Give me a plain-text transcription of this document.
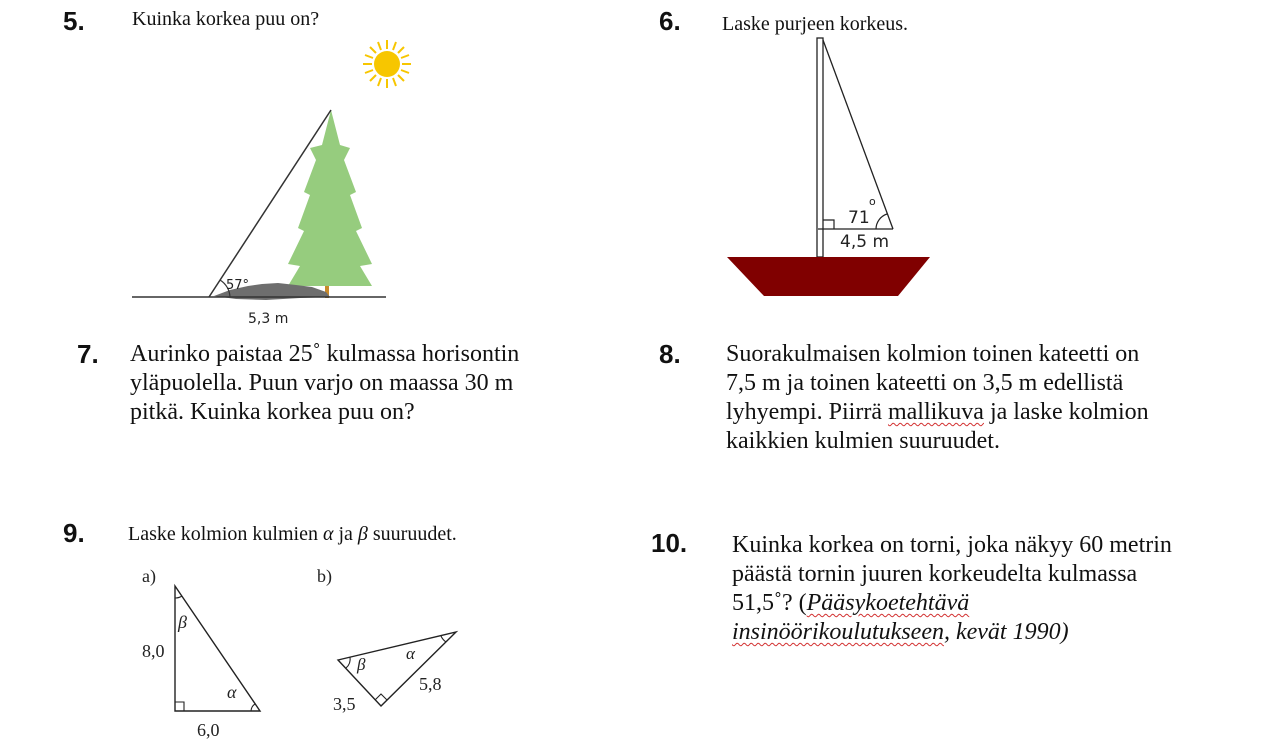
5.	6.
7.	8.
9.	10.
Kuinka korkea puu on?	Laske purjeen korkeus.
Laske kolmion kulmien α ja β suuruudet.
Aurinko paistaa 25˚ kulmassa horisontin
yläpuolella. Puun varjo on maassa 30 m
pitkä. Kuinka korkea puu on?
Suorakulmaisen kolmion toinen kateetti on
7,5 m ja toinen kateetti on 3,5 m edellistä
lyhyempi. Piirrä mallikuva ja laske kolmion
kaikkien kulmien suuruudet.
Kuinka korkea on torni, joka näkyy 60 metrin
päästä tornin juuren korkeudelta kulmassa
51,5˚? (Pääsykoetehtävä
insinöörikoulutukseen, kevät 1990)
57°
5,3 m
71
o
4,5 m
a)
β
α
8,0
6,0
b)
β
α
3,5
5,8
